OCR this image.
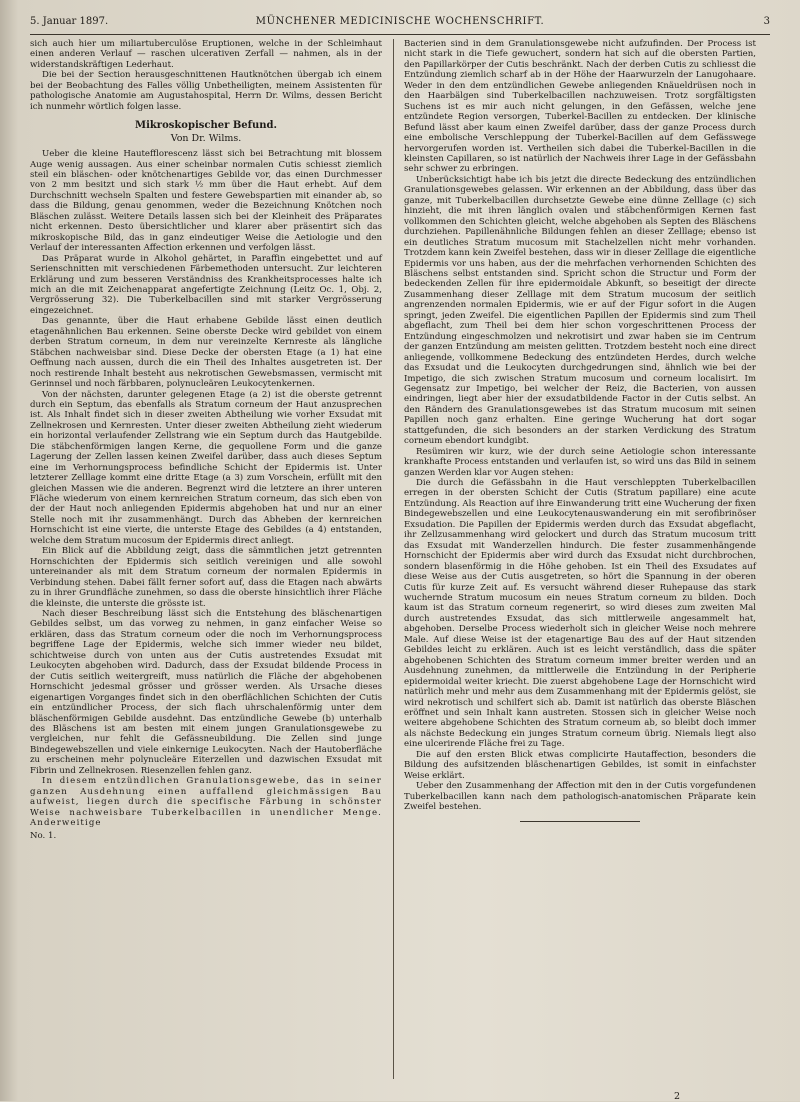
5. Januar 1897.	MÜNCHENER MEDICINISCHE WOCHENSCHRIFT.	3

sich auch hier um miliartuberculöse Eruptionen, welche in der Schleimhaut einen anderen Verlauf — raschen ulcerativen Zerfall — nahmen, als in der widerstandskräftigen Lederhaut.

Die bei der Section herausgeschnittenen Hautknötchen übergab ich einem bei der Beobachtung des Falles völlig Unbetheiligten, meinem Assistenten für pathologische Anatomie am Augustahospital, Herrn Dr. Wilms, dessen Bericht ich nunmehr wörtlich folgen lasse.

Mikroskopischer Befund.
Von Dr. Wilms.

Ueber die kleine Hautefflorescenz lässt sich bei Betrachtung mit blossem Auge wenig aussagen. Aus einer scheinbar normalen Cutis schiesst ziemlich steil ein bläschen- oder knötchenartiges Gebilde vor, das einen Durchmesser von 2 mm besitzt und sich stark ½ mm über die Haut erhebt. Auf dem Durchschnitt wechseln Spalten und festere Gewebspartien mit einander ab, so dass die Bildung, genau genommen, weder die Bezeichnung Knötchen noch Bläschen zulässt. Weitere Details lassen sich bei der Kleinheit des Präparates nicht erkennen. Desto übersichtlicher und klarer aber präsentirt sich das mikroskopische Bild, das in ganz eindeutiger Weise die Aetiologie und den Verlauf der interessanten Affection erkennen und verfolgen lässt.

Das Präparat wurde in Alkohol gehärtet, in Paraffin eingebettet und auf Serienschnitten mit verschiedenen Färbemethoden untersucht. Zur leichteren Erklärung und zum besseren Verständniss des Krankheitsprocesses halte ich mich an die mit Zeichenapparat angefertigte Zeichnung (Leitz Oc. 1, Obj. 2, Vergrösserung 32). Die Tuberkelbacillen sind mit starker Vergrösserung eingezeichnet.

Das genannte, über die Haut erhabene Gebilde lässt einen deutlich etagenähnlichen Bau erkennen. Seine oberste Decke wird gebildet von einem derben Stratum corneum, in dem nur vereinzelte Kernreste als längliche Stäbchen nachweisbar sind. Diese Decke der obersten Etage (a 1) hat eine Oeffnung nach aussen, durch die ein Theil des Inhaltes ausgetreten ist. Der noch restirende Inhalt besteht aus nekrotischen Gewebsmassen, vermischt mit Gerinnsel und noch färbbaren, polynucleären Leukocytenkernen.

Von der nächsten, darunter gelegenen Etage (a 2) ist die oberste getrennt durch ein Septum, das ebenfalls als Stratum corneum der Haut anzusprechen ist. Als Inhalt findet sich in dieser zweiten Abtheilung wie vorher Exsudat mit Zellnekrosen und Kernresten. Unter dieser zweiten Abtheilung zieht wiederum ein horizontal verlaufender Zellstrang wie ein Septum durch das Hautgebilde. Die stäbchenförmigen langen Kerne, die gequollene Form und die ganze Lagerung der Zellen lassen keinen Zweifel darüber, dass auch dieses Septum eine im Verhornungsprocess befindliche Schicht der Epidermis ist. Unter letzterer Zelllage kommt eine dritte Etage (a 3) zum Vorschein, erfüllt mit den gleichen Massen wie die anderen. Begrenzt wird die letztere an ihrer unteren Fläche wiederum von einem kernreichen Stratum corneum, das sich eben von der der Haut noch anliegenden Epidermis abgehoben hat und nur an einer Stelle noch mit ihr zusammenhängt. Durch das Abheben der kernreichen Hornschicht ist eine vierte, die unterste Etage des Gebildes (a 4) entstanden, welche dem Stratum mucosum der Epidermis direct anliegt.

Ein Blick auf die Abbildung zeigt, dass die sämmtlichen jetzt getrennten Hornschichten der Epidermis sich seitlich vereinigen und alle sowohl untereinander als mit dem Stratum corneum der normalen Epidermis in Verbindung stehen. Dabei fällt ferner sofort auf, dass die Etagen nach abwärts zu in ihrer Grundfläche zunehmen, so dass die oberste hinsichtlich ihrer Fläche die kleinste, die unterste die grösste ist.

Nach dieser Beschreibung lässt sich die Entstehung des bläschenartigen Gebildes selbst, um das vorweg zu nehmen, in ganz einfacher Weise so erklären, dass das Stratum corneum oder die noch im Verhornungsprocess begriffene Lage der Epidermis, welche sich immer wieder neu bildet, schichtweise durch von unten aus der Cutis austretendes Exsudat mit Leukocyten abgehoben wird. Dadurch, dass der Exsudat bildende Process in der Cutis seitlich weitergreift, muss natürlich die Fläche der abgehobenen Hornschicht jedesmal grösser und grösser werden. Als Ursache dieses eigenartigen Vorganges findet sich in den oberflächlichen Schichten der Cutis ein entzündlicher Process, der sich flach uhrschalenförmig unter dem bläschenförmigen Gebilde ausdehnt. Das entzündliche Gewebe (b) unterhalb des Bläschens ist am besten mit einem jungen Granulationsgewebe zu vergleichen, nur fehlt die Gefässneubildung. Die Zellen sind junge Bindegewebszellen und viele einkernige Leukocyten. Nach der Hautoberfläche zu erscheinen mehr polynucleäre Eiterzellen und dazwischen Exsudat mit Fibrin und Zellnekrosen. Riesenzellen fehlen ganz.

In diesem entzündlichen Granulationsgewebe, das in seiner ganzen Ausdehnung einen auffallend gleichmässigen Bau aufweist, liegen durch die specifische Färbung in schönster Weise nachweisbare Tuberkelbacillen in unendlicher Menge. Anderweitige

No. 1.

Bacterien sind in dem Granulationsgewebe nicht aufzufinden. Der Process ist nicht stark in die Tiefe gewuchert, sondern hat sich auf die obersten Partien, den Papillarkörper der Cutis beschränkt. Nach der derben Cutis zu schliesst die Entzündung ziemlich scharf ab in der Höhe der Haarwurzeln der Lanugohaare. Weder in den dem entzündlichen Gewebe anliegenden Knäueldrüsen noch in den Haarbälgen sind Tuberkelbacillen nachzuweisen. Trotz sorgfältigsten Suchens ist es mir auch nicht gelungen, in den Gefässen, welche jene entzündete Region versorgen, Tuberkel-Bacillen zu entdecken. Der klinische Befund lässt aber kaum einen Zweifel darüber, dass der ganze Process durch eine embolische Verschleppung der Tuberkel-Bacillen auf dem Gefässwege hervorgerufen worden ist. Vertheilen sich dabei die Tuberkel-Bacillen in die kleinsten Capillaren, so ist natürlich der Nachweis ihrer Lage in der Gefässbahn sehr schwer zu erbringen.

Unberücksichtigt habe ich bis jetzt die directe Bedeckung des entzündlichen Granulationsgewebes gelassen. Wir erkennen an der Abbildung, dass über das ganze, mit Tuberkelbacillen durchsetzte Gewebe eine dünne Zelllage (c) sich hinzieht, die mit ihren länglich ovalen und stäbchenförmigen Kernen fast vollkommen den Schichten gleicht, welche abgehoben als Septen des Bläschens durchziehen. Papillenähnliche Bildungen fehlen an dieser Zelllage; ebenso ist ein deutliches Stratum mucosum mit Stachelzellen nicht mehr vorhanden. Trotzdem kann kein Zweifel bestehen, dass wir in dieser Zelllage die eigentliche Epidermis vor uns haben, aus der die mehrfachen verhornenden Schichten des Bläschens selbst entstanden sind. Spricht schon die Structur und Form der bedeckenden Zellen für ihre epidermoidale Abkunft, so beseitigt der directe Zusammenhang dieser Zelllage mit dem Stratum mucosum der seitlich angrenzenden normalen Epidermis, wie er auf der Figur sofort in die Augen springt, jeden Zweifel. Die eigentlichen Papillen der Epidermis sind zum Theil abgeflacht, zum Theil bei dem hier schon vorgeschrittenen Process der Entzündung eingeschmolzen und nekrotisirt und zwar haben sie im Centrum der ganzen Entzündung am meisten gelitten. Trotzdem besteht noch eine direct anliegende, vollkommene Bedeckung des entzündeten Herdes, durch welche das Exsudat und die Leukocyten durchgedrungen sind, ähnlich wie bei der Impetigo, die sich zwischen Stratum mucosum und corneum localisirt. Im Gegensatz zur Impetigo, bei welcher der Reiz, die Bacterien, von aussen eindringen, liegt aber hier der exsudatbildende Factor in der Cutis selbst. An den Rändern des Granulationsgewebes ist das Stratum mucosum mit seinen Papillen noch ganz erhalten. Eine geringe Wucherung hat dort sogar stattgefunden, die sich besonders an der starken Verdickung des Stratum corneum ebendort kundgibt.

Resümiren wir kurz, wie der durch seine Aetiologie schon interessante krankhafte Process entstanden und verlaufen ist, so wird uns das Bild in seinem ganzen Werden klar vor Augen stehen:

Die durch die Gefässbahn in die Haut verschleppten Tuberkelbacillen erregen in der obersten Schicht der Cutis (Stratum papillare) eine acute Entzündung. Als Reaction auf ihre Einwanderung tritt eine Wucherung der fixen Bindegewebszellen und eine Leukocytenauswanderung ein mit serofibrinöser Exsudation. Die Papillen der Epidermis werden durch das Exsudat abgeflacht, ihr Zellzusammenhang wird gelockert und durch das Stratum mucosum tritt das Exsudat mit Wanderzellen hindurch. Die fester zusammenhängende Hornschicht der Epidermis aber wird durch das Exsudat nicht durchbrochen, sondern blasenförmig in die Höhe gehoben. Ist ein Theil des Exsudates auf diese Weise aus der Cutis ausgetreten, so hört die Spannung in der oberen Cutis für kurze Zeit auf. Es versucht während dieser Ruhepause das stark wuchernde Stratum mucosum ein neues Stratum corneum zu bilden. Doch kaum ist das Stratum corneum regenerirt, so wird dieses zum zweiten Mal durch austretendes Exsudat, das sich mittlerweile angesammelt hat, abgehoben. Derselbe Process wiederholt sich in gleicher Weise noch mehrere Male. Auf diese Weise ist der etagenartige Bau des auf der Haut sitzenden Gebildes leicht zu erklären. Auch ist es leicht verständlich, dass die später abgehobenen Schichten des Stratum corneum immer breiter werden und an Ausdehnung zunehmen, da mittlerweile die Entzündung in der Peripherie epidermoidal weiter kriecht. Die zuerst abgehobene Lage der Hornschicht wird natürlich mehr und mehr aus dem Zusammenhang mit der Epidermis gelöst, sie wird nekrotisch und schilfert sich ab. Damit ist natürlich das oberste Bläschen eröffnet und sein Inhalt kann austreten. Stossen sich in gleicher Weise noch weitere abgehobene Schichten des Stratum corneum ab, so bleibt doch immer als nächste Bedeckung ein junges Stratum corneum übrig. Niemals liegt also eine ulcerirende Fläche frei zu Tage.

Die auf den ersten Blick etwas complicirte Hautaffection, besonders die Bildung des aufsitzenden bläschenartigen Gebildes, ist somit in einfachster Weise erklärt.

Ueber den Zusammenhang der Affection mit den in der Cutis vorgefundenen Tuberkelbacillen kann nach dem pathologisch-anatomischen Präparate kein Zweifel bestehen.

2
